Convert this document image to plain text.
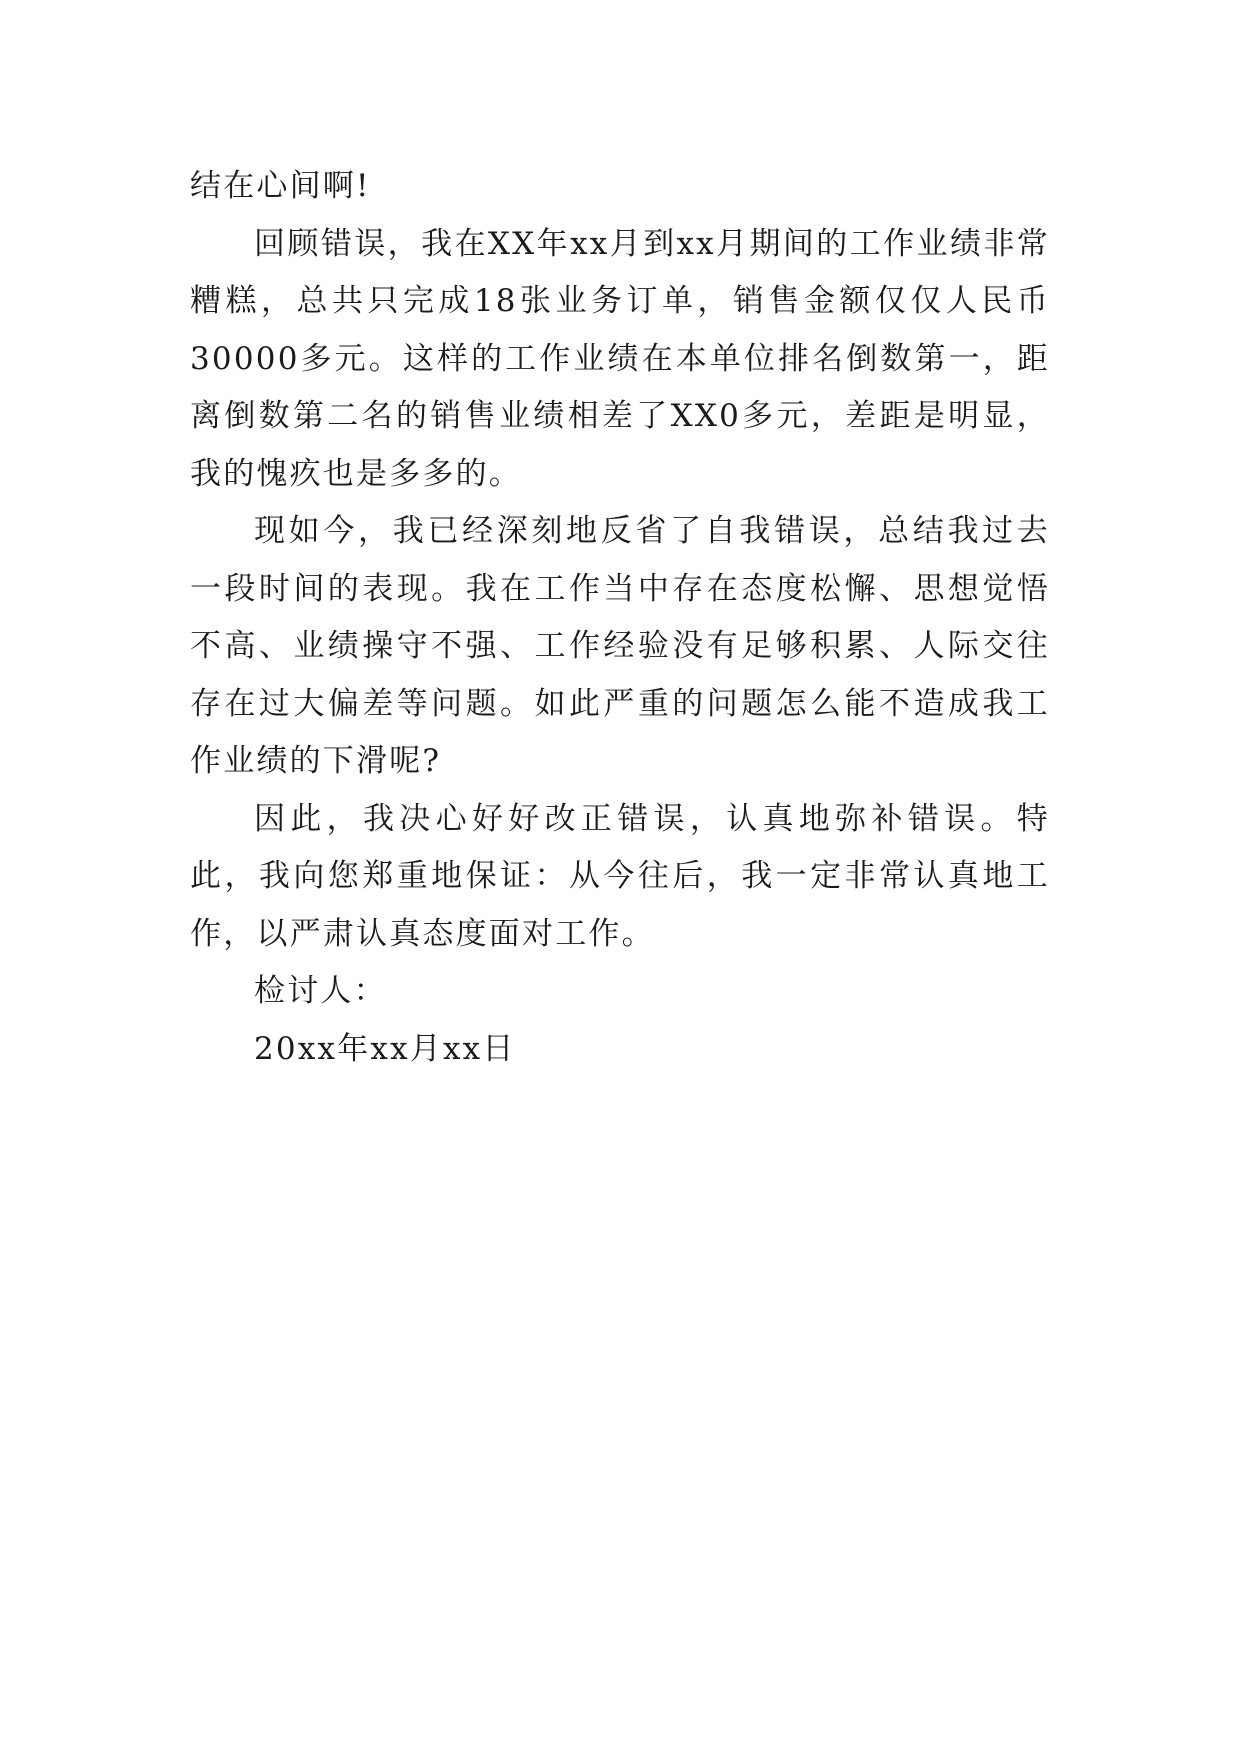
结在心间啊!

回顾错误，我在XX年xx月到xx月期间的工作业绩非常糟糕，总共只完成18张业务订单，销售金额仅仅人民币30000多元。这样的工作业绩在本单位排名倒数第一，距离倒数第二名的销售业绩相差了XX0多元，差距是明显，我的愧疚也是多多的。

现如今，我已经深刻地反省了自我错误，总结我过去一段时间的表现。我在工作当中存在态度松懈、思想觉悟不高、业绩操守不强、工作经验没有足够积累、人际交往存在过大偏差等问题。如此严重的问题怎么能不造成我工作业绩的下滑呢?

因此，我决心好好改正错误，认真地弥补错误。特此，我向您郑重地保证：从今往后，我一定非常认真地工作，以严肃认真态度面对工作。

检讨人：

20xx年xx月xx日
